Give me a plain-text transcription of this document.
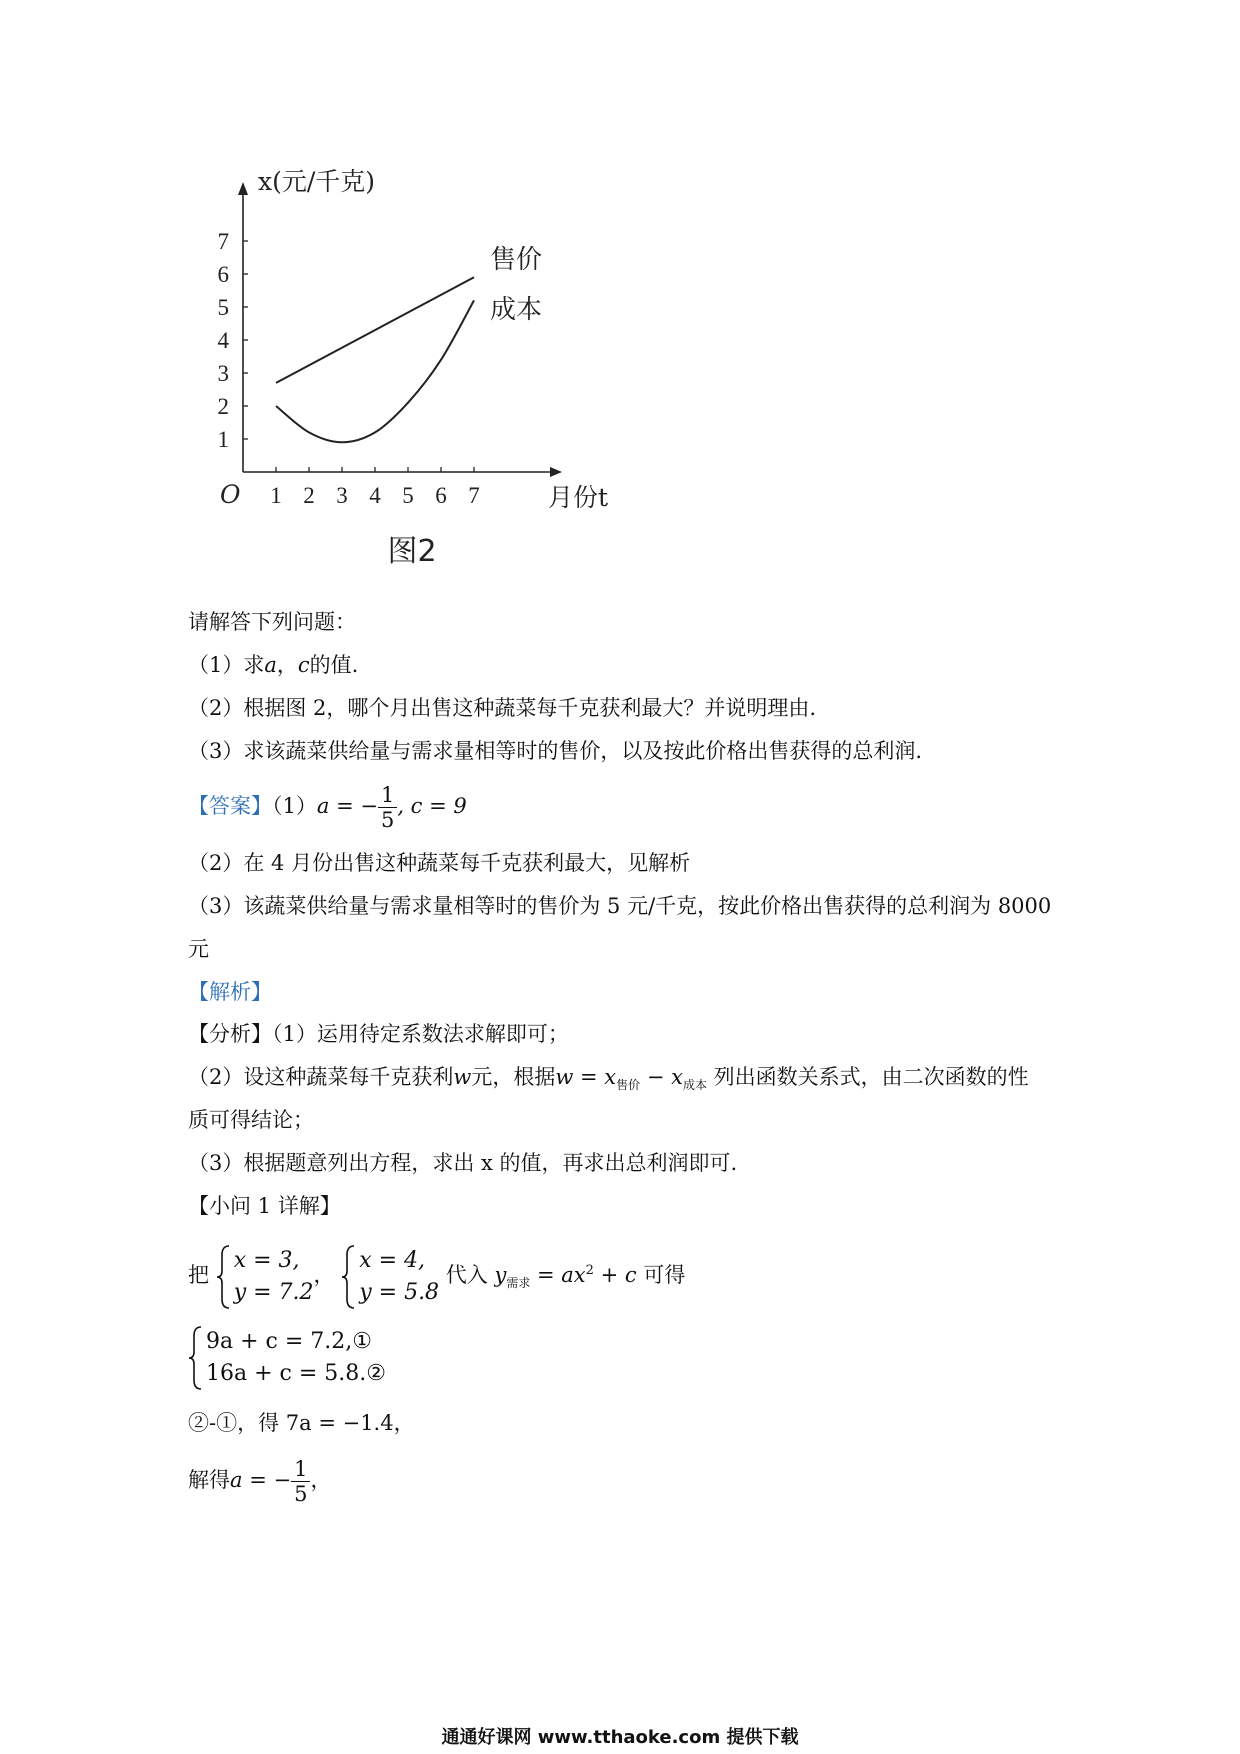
1 2 3 4 5 6 7
1
2
3
4
5
6
7
售价
成本
x(元/千克)
月份t
O
图2
请解答下列问题：
（1）求a，c的值.
（2）根据图 2，哪个月出售这种蔬菜每千克获利最大？并说明理由.
（3）求该蔬菜供给量与需求量相等时的售价，以及按此价格出售获得的总利润.
【答案】（1）a = − $\frac{1}{5}$ , c = 9
（2）在 4 月份出售这种蔬菜每千克获利最大，见解析
（3）该蔬菜供给量与需求量相等时的售价为 5 元/千克，按此价格出售获得的总利润为 8000
元
【解析】
【分析】（1）运用待定系数法求解即可；
（2）设这种蔬菜每千克获利w元，根据$w = x_{售价} - x_{成本}$ 列出函数关系式，由二次函数的性
质可得结论；
（3）根据题意列出方程，求出 x 的值，再求出总利润即可.
【小问 1 详解】
把
x = 3,
y = 7.2
，
x = 4,
y = 5.8
代入 $y_{需求} = ax^2 + c$ 可得
9a + c = 7.2,①
16a + c = 5.8.②
②-①，得 7a = −1.4，
解得a = − $\frac{1}{5}$ ，
通通好课网 www.tthaoke.com 提供下载
